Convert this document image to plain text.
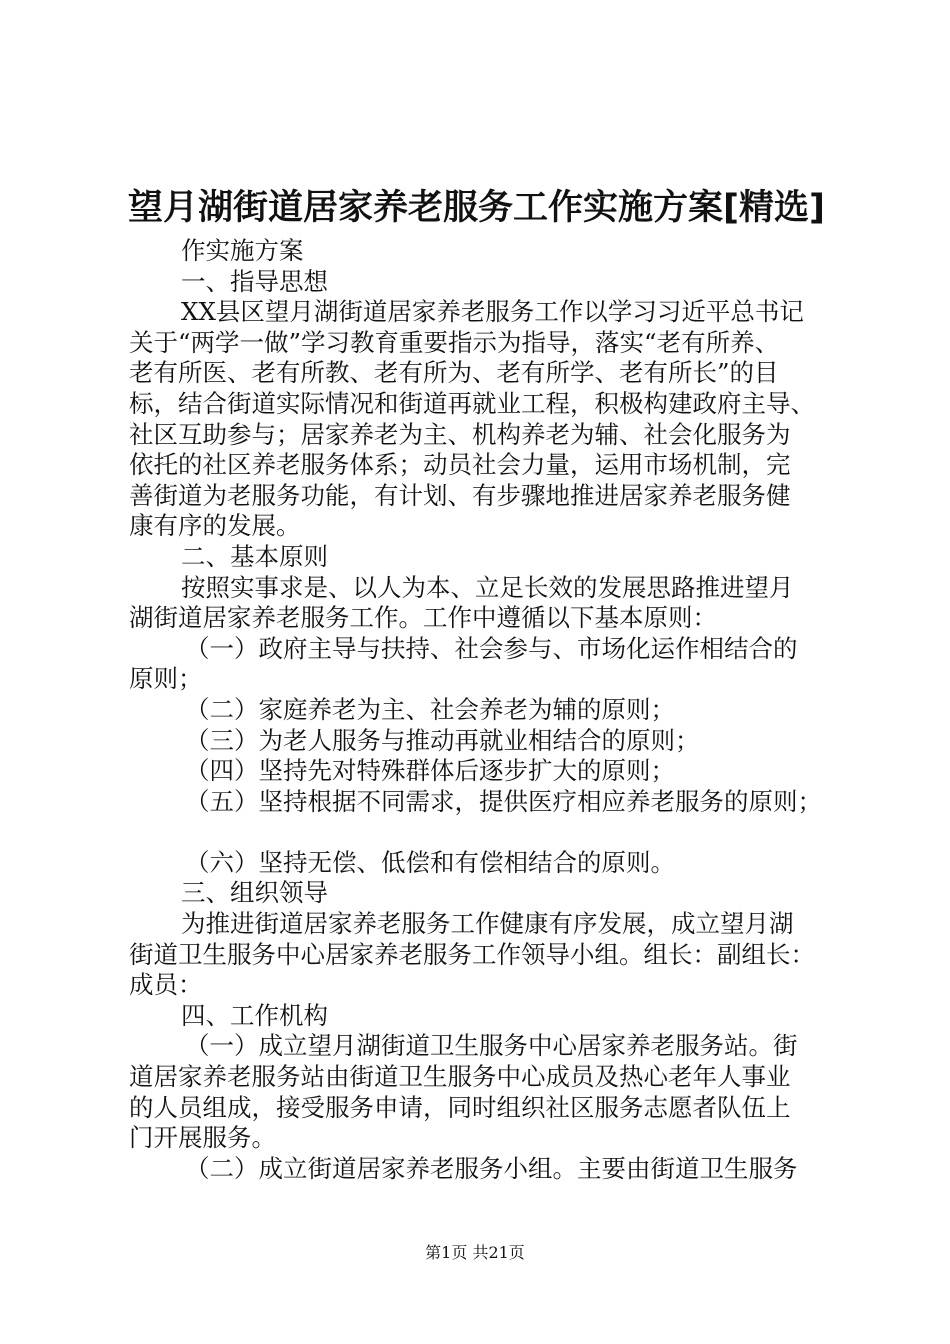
望月湖街道居家养老服务工作实施方案[精选]
作实施方案
一、指导思想
XX县区望月湖街道居家养老服务工作以学习习近平总书记
关于“两学一做”学习教育重要指示为指导，落实“老有所养、
老有所医、老有所教、老有所为、老有所学、老有所长”的目
标，结合街道实际情况和街道再就业工程，积极构建政府主导、
社区互助参与；居家养老为主、机构养老为辅、社会化服务为
依托的社区养老服务体系；动员社会力量，运用市场机制，完
善街道为老服务功能，有计划、有步骤地推进居家养老服务健
康有序的发展。
二、基本原则
按照实事求是、以人为本、立足长效的发展思路推进望月
湖街道居家养老服务工作。工作中遵循以下基本原则：
（一）政府主导与扶持、社会参与、市场化运作相结合的
原则；
（二）家庭养老为主、社会养老为辅的原则；
（三）为老人服务与推动再就业相结合的原则；
（四）坚持先对特殊群体后逐步扩大的原则；
（五）坚持根据不同需求，提供医疗相应养老服务的原则；
（六）坚持无偿、低偿和有偿相结合的原则。
三、组织领导
为推进街道居家养老服务工作健康有序发展，成立望月湖
街道卫生服务中心居家养老服务工作领导小组。组长：副组长：
成员：
四、工作机构
（一）成立望月湖街道卫生服务中心居家养老服务站。街
道居家养老服务站由街道卫生服务中心成员及热心老年人事业
的人员组成，接受服务申请，同时组织社区服务志愿者队伍上
门开展服务。
（二）成立街道居家养老服务小组。主要由街道卫生服务
第1页 共21页
